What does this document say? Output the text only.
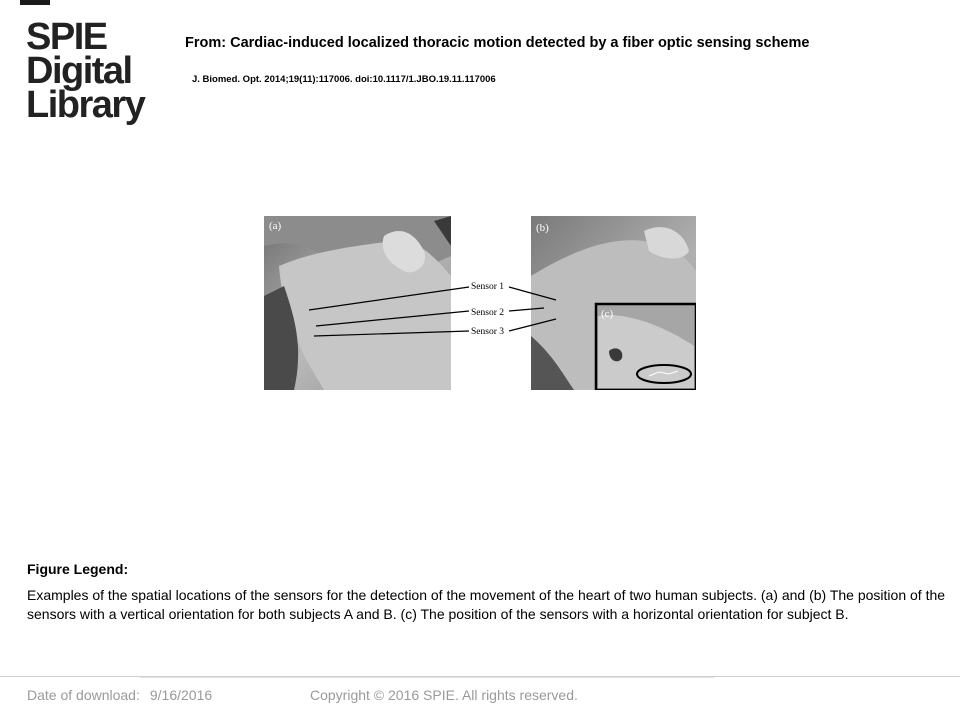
SPIE
Digital
Library
From: Cardiac-induced localized thoracic motion detected by a fiber optic sensing scheme
J. Biomed. Opt. 2014;19(11):117006. doi:10.1117/1.JBO.19.11.117006
(a)	(b)
(c)
Sensor 1
Sensor 2
Sensor 3
Figure Legend:
Examples of the spatial locations of the sensors for the detection of the movement of the heart of two human subjects. (a) and (b) The position of the sensors with a vertical orientation for both subjects A and B. (c) The position of the sensors with a horizontal orientation for subject B.
Date of download: 9/16/2016	Copyright © 2016 SPIE. All rights reserved.
